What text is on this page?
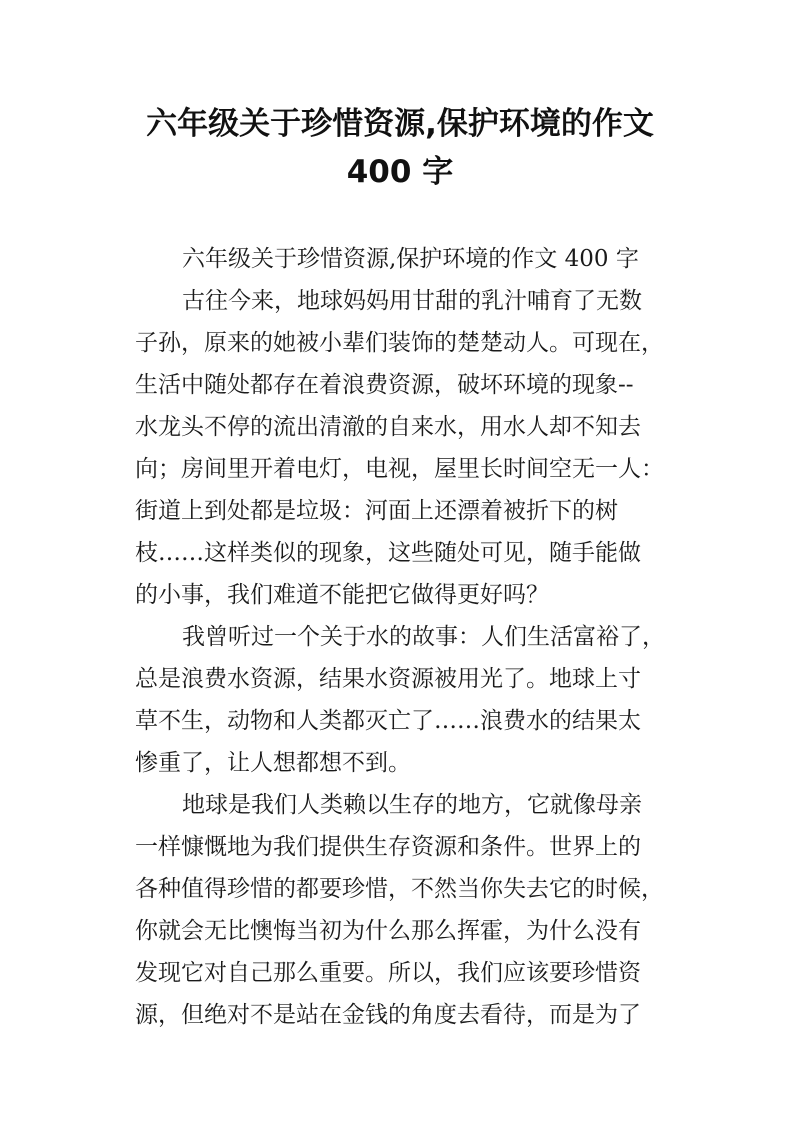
六年级关于珍惜资源,保护环境的作文
400 字
六年级关于珍惜资源,保护环境的作文 400 字
古往今来，地球妈妈用甘甜的乳汁哺育了无数
子孙，原来的她被小辈们装饰的楚楚动人。可现在，
生活中随处都存在着浪费资源，破坏环境的现象--
水龙头不停的流出清澈的自来水，用水人却不知去
向；房间里开着电灯，电视，屋里长时间空无一人：
街道上到处都是垃圾：河面上还漂着被折下的树
枝……这样类似的现象，这些随处可见，随手能做
的小事，我们难道不能把它做得更好吗？
我曾听过一个关于水的故事：人们生活富裕了，
总是浪费水资源，结果水资源被用光了。地球上寸
草不生，动物和人类都灭亡了……浪费水的结果太
惨重了，让人想都想不到。
地球是我们人类赖以生存的地方，它就像母亲
一样慷慨地为我们提供生存资源和条件。世界上的
各种值得珍惜的都要珍惜，不然当你失去它的时候，
你就会无比懊悔当初为什么那么挥霍，为什么没有
发现它对自己那么重要。所以，我们应该要珍惜资
源，但绝对不是站在金钱的角度去看待，而是为了
